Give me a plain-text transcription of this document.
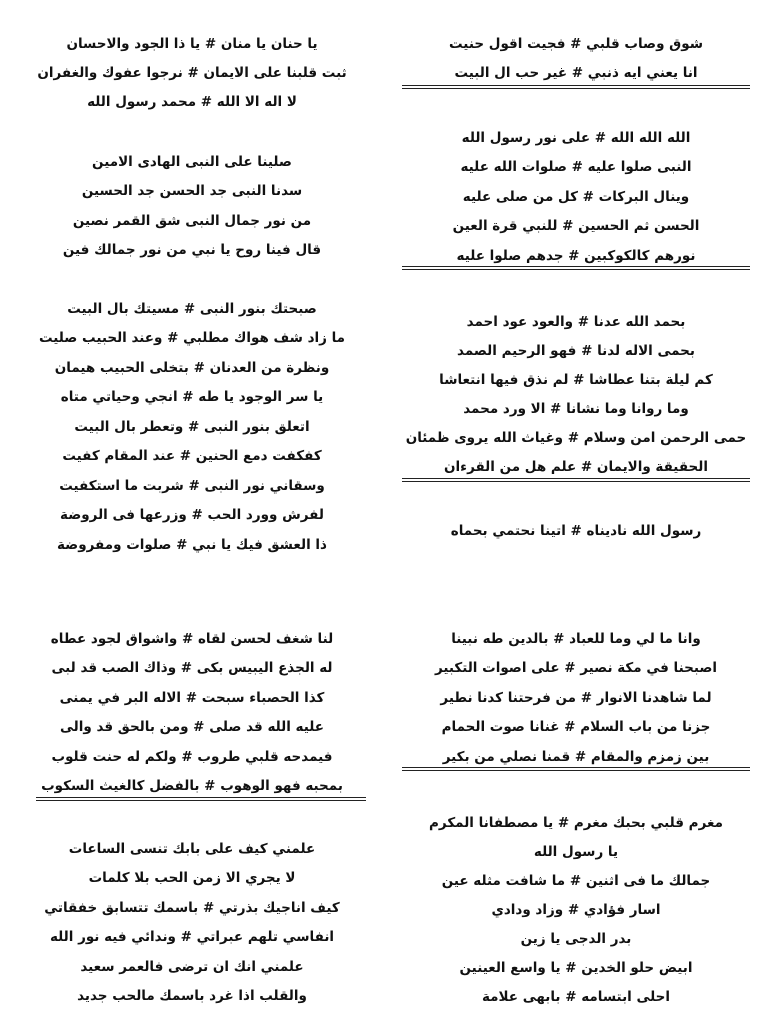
يا حنان يا منان # يا ذا الجود والاحسان
ثبت قلبنا على الايمان # نرجوا عفوك والغفران
لا اله الا الله # محمد رسول الله
صلينا على النبى الهادى الامين
سدنا النبى جد الحسن جد الحسين
من نور جمال النبى شق القمر نصين
قال فينا روح يا نبي من نور جمالك فين
صبحتك بنور النبى # مسيتك بال البيت
ما زاد شف هواك مطلبي # وعند الحبيب صليت
ونظرة من العدنان # بتخلى الحبيب هيمان
يا سر الوجود يا طه # انجي وحياتي متاه
اتعلق بنور النبى # وتعطر بال البيت
كفكفت دمع الحنين # عند المقام كفيت
وسقاني نور النبى # شربت ما استكفيت
لفرش وورد الحب # وزرعها فى الروضة
ذا العشق فيك يا نبي # صلوات ومفروضة
لنا شغف لحسن لقاه # واشواق لجود عطاه
له الجذع اليبيس بكى # وذاك الصب قد لبى
كذا الحصباء سبحت # الاله البر في يمنى
عليه الله قد صلى # ومن بالحق قد والى
فيمدحه قلبي طروب # ولكم له حنت قلوب
بمحبه فهو الوهوب # بالفضل كالغيث السكوب
علمني كيف على بابك تنسى الساعات
لا يجري الا زمن الحب بلا كلمات
كيف اناجيك بذرتي # باسمك تتسابق خفقاتي
انفاسي تلهم عبراتي # وندائي فيه نور الله
علمني انك ان ترضى فالعمر سعيد
والقلب اذا غرد باسمك مالحب جديد
شوق وصاب قلبي # فجيت اقول حنيت
انا يعني ايه ذنبي # غير حب ال البيت
الله الله الله # على نور رسول الله
النبى صلوا عليه # صلوات الله عليه
وينال البركات # كل من صلى عليه
الحسن ثم الحسين # للنبي قرة العين
نورهم كالكوكبين # جدهم صلوا عليه
بحمد الله عدنا # والعود عود احمد
بحمى الاله لدنا # فهو الرحيم الصمد
كم ليلة بتنا عطاشا # لم نذق فيها انتعاشا
وما روانا وما نشانا # الا ورد محمد
حمى الرحمن امن وسلام # وغياث الله يروى ظمئان
الحقيقة والايمان # علم هل من القرءان
رسول الله ناديناه # اتينا نحتمي بحماه
وانا ما لي وما للعباد # بالدين طه نبينا
اصبحنا في مكة نصير # على اصوات التكبير
لما شاهدنا الانوار # من فرحتنا كدنا نطير
جزنا من باب السلام # غنانا صوت الحمام
بين زمزم والمقام # قمنا نصلي من بكير
مغرم قلبي بحبك مغرم # يا مصطفانا المكرم
يا رسول الله
جمالك ما فى اثنين # ما شافت مثله عين
اسار فؤادي # وزاد ودادي
بدر الدجى يا زين
ابيض حلو الخدين # يا واسع العينين
احلى ابتسامه # بابهى علامة
